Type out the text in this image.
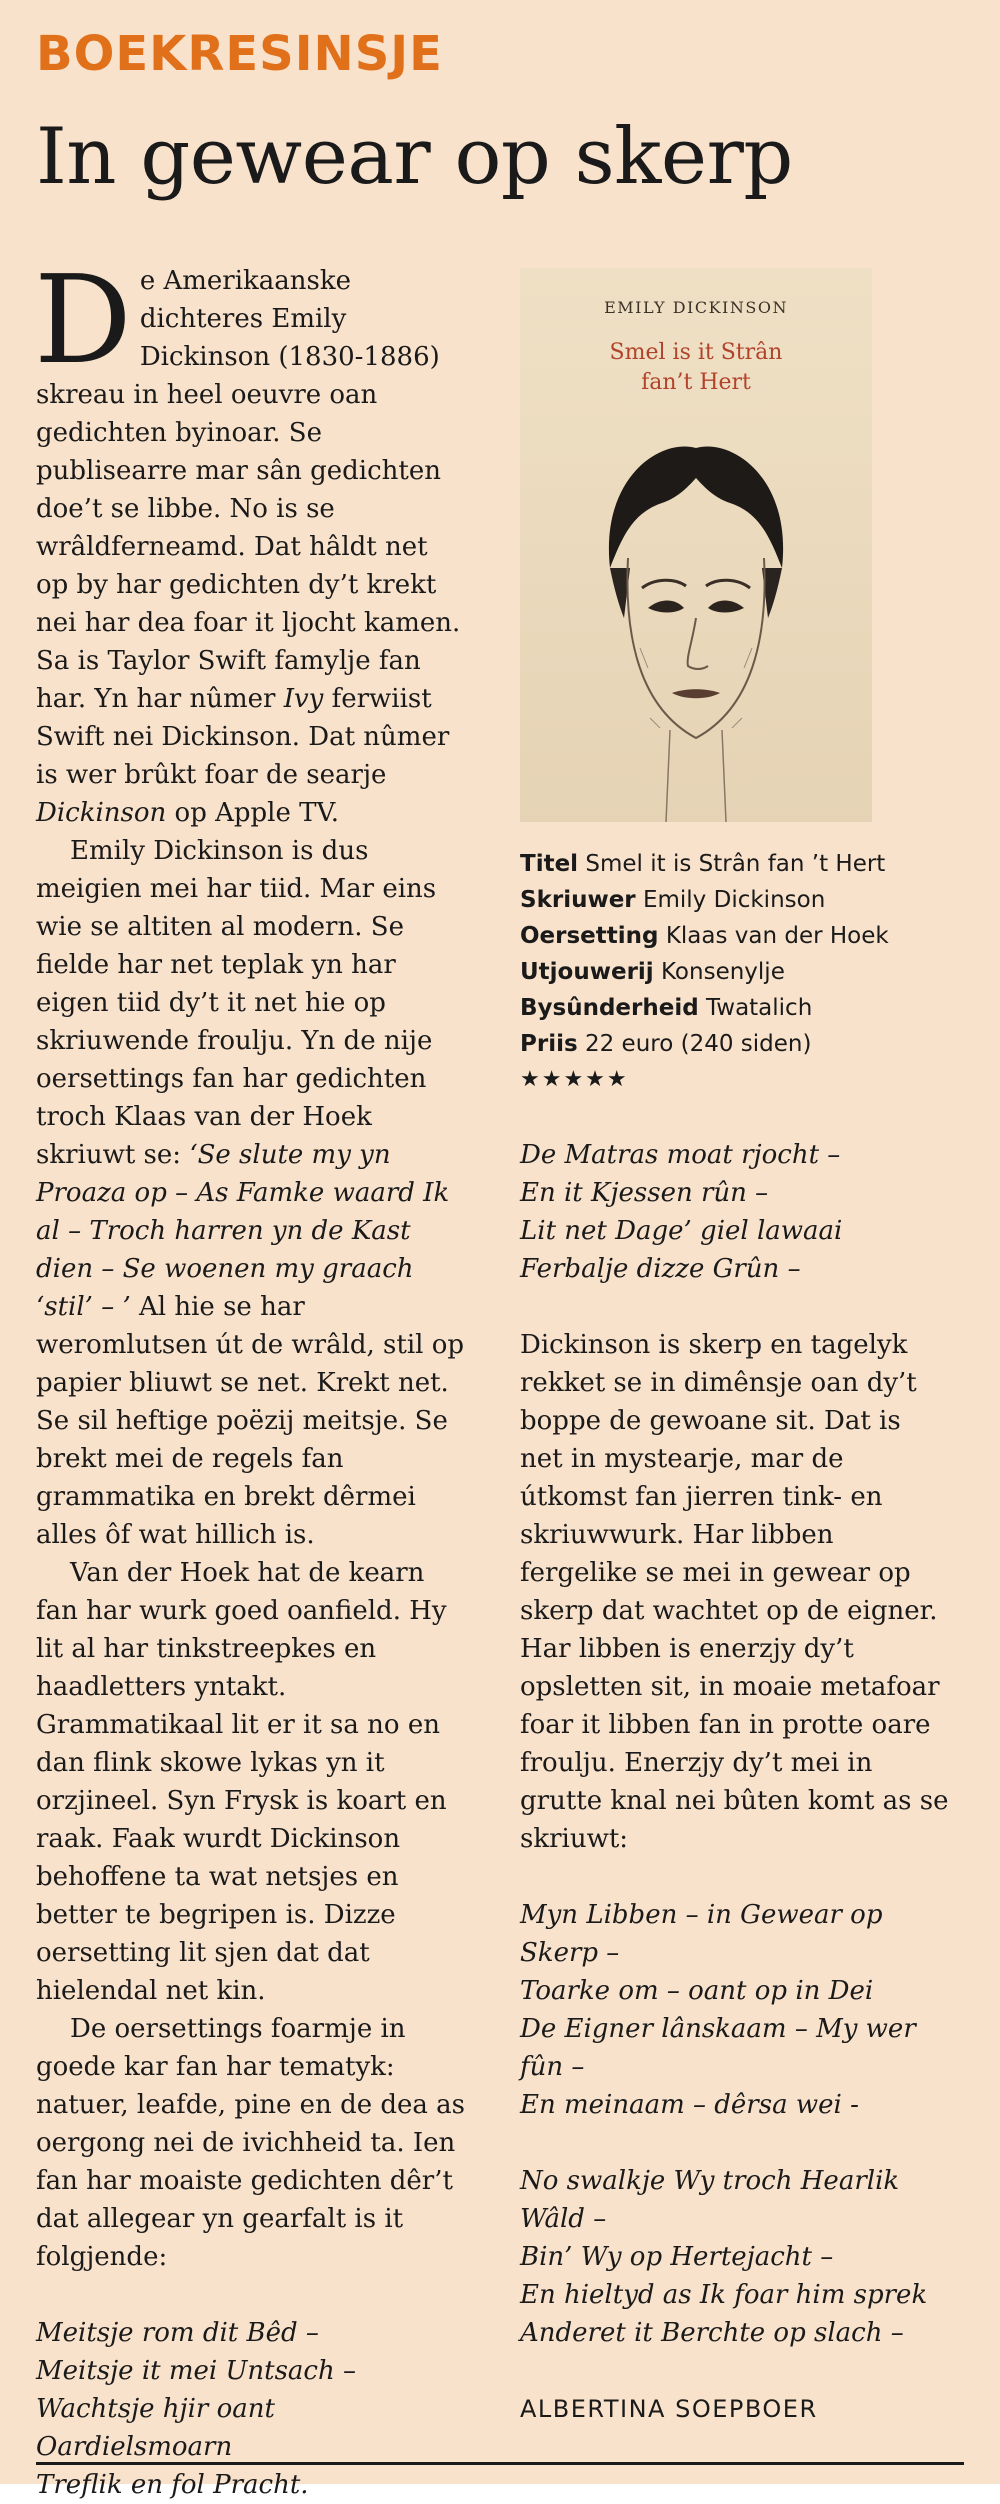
BOEKRESINSJE
In gewear op skerp

De Amerikaanske dichteres Emily Dickinson (1830-1886) skreau in heel oeuvre oan gedichten byinoar. Se publisearre mar sân gedichten doe’t se libbe. No is se wrâldferneamd. Dat hâldt net op by har gedichten dy’t krekt nei har dea foar it ljocht kamen. Sa is Taylor Swift famylje fan har. Yn har nûmer Ivy ferwiist Swift nei Dickinson. Dat nûmer is wer brûkt foar de searje Dickinson op Apple TV.

Emily Dickinson is dus meigien mei har tiid. Mar eins wie se altiten al modern. Se fielde har net teplak yn har eigen tiid dy’t it net hie op skriuwende froulju. Yn de nije oersettings fan har gedichten troch Klaas van der Hoek skriuwt se: ‘Se slute my yn Proaza op – As Famke waard Ik al – Troch harren yn de Kast dien – Se woenen my graach ‘stil’ – ’ Al hie se har weromlutsen út de wrâld, stil op papier bliuwt se net. Krekt net. Se sil heftige poëzij meitsje. Se brekt mei de regels fan grammatika en brekt dêrmei alles ôf wat hillich is.

Van der Hoek hat de kearn fan har wurk goed oanfield. Hy lit al har tinkstreepkes en haadletters yntakt. Grammatikaal lit er it sa no en dan flink skowe lykas yn it orzjineel. Syn Frysk is koart en raak. Faak wurdt Dickinson behoffene ta wat netsjes en better te begripen is. Dizze oersetting lit sjen dat dat hielendal net kin.

De oersettings foarmje in goede kar fan har tematyk: natuer, leafde, pine en de dea as oergong nei de ivichheid ta. Ien fan har moaiste gedichten dêr’t dat allegear yn gearfalt is it folgjende:

Meitsje rom dit Bêd –
Meitsje it mei Untsach –
Wachtsje hjir oant Oardielsmoarn
Treflik en fol Pracht.

EMILY DICKINSON
Smel is it Strân
fan’t Hert
Titel Smel it is Strân fan ’t Hert
Skriuwer Emily Dickinson
Oersetting Klaas van der Hoek
Utjouwerij Konsenylje
Bysûnderheid Twatalich
Priis 22 euro (240 siden)
★★★★★

De Matras moat rjocht –
En it Kjessen rûn –
Lit net Dage’ giel lawaai
Ferbalje dizze Grûn –

Dickinson is skerp en tagelyk rekket se in dimênsje oan dy’t boppe de gewoane sit. Dat is net in mystearje, mar de útkomst fan jierren tink- en skriuwwurk. Har libben fergelike se mei in gewear op skerp dat wachtet op de eigner. Har libben is enerzjy dy’t opsletten sit, in moaie metafoar foar it libben fan in protte oare froulju. Enerzjy dy’t mei in grutte knal nei bûten komt as se skriuwt:

Myn Libben – in Gewear op Skerp –
Toarke om – oant op in Dei
De Eigner lânskaam – My wer fûn –
En meinaam – dêrsa wei -

No swalkje Wy troch Hearlik Wâld –
Bin’ Wy op Hertejacht –
En hieltyd as Ik foar him sprek
Anderet it Berchte op slach –

ALBERTINA SOEPBOER
